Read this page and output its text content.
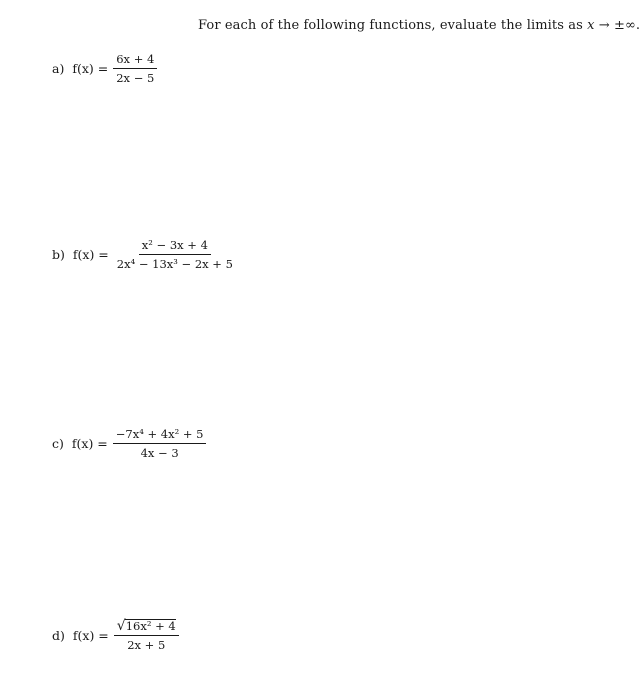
For each of the following functions, evaluate the limits as x → ±∞.
a) $f(x) = \frac{6x + 4}{2x - 5}$
b) $f(x) = \frac{\text{x² − 3x + 4}}{\text{2x⁴ − 13x³ − 2x + 5}}$
c) $f(x) = \frac{\text{−7x⁴ + 4x² + 5}}{4x - 3}$
d) $f(x) = \frac{\text{√ 16x² + 4}}{2x + 5}$
